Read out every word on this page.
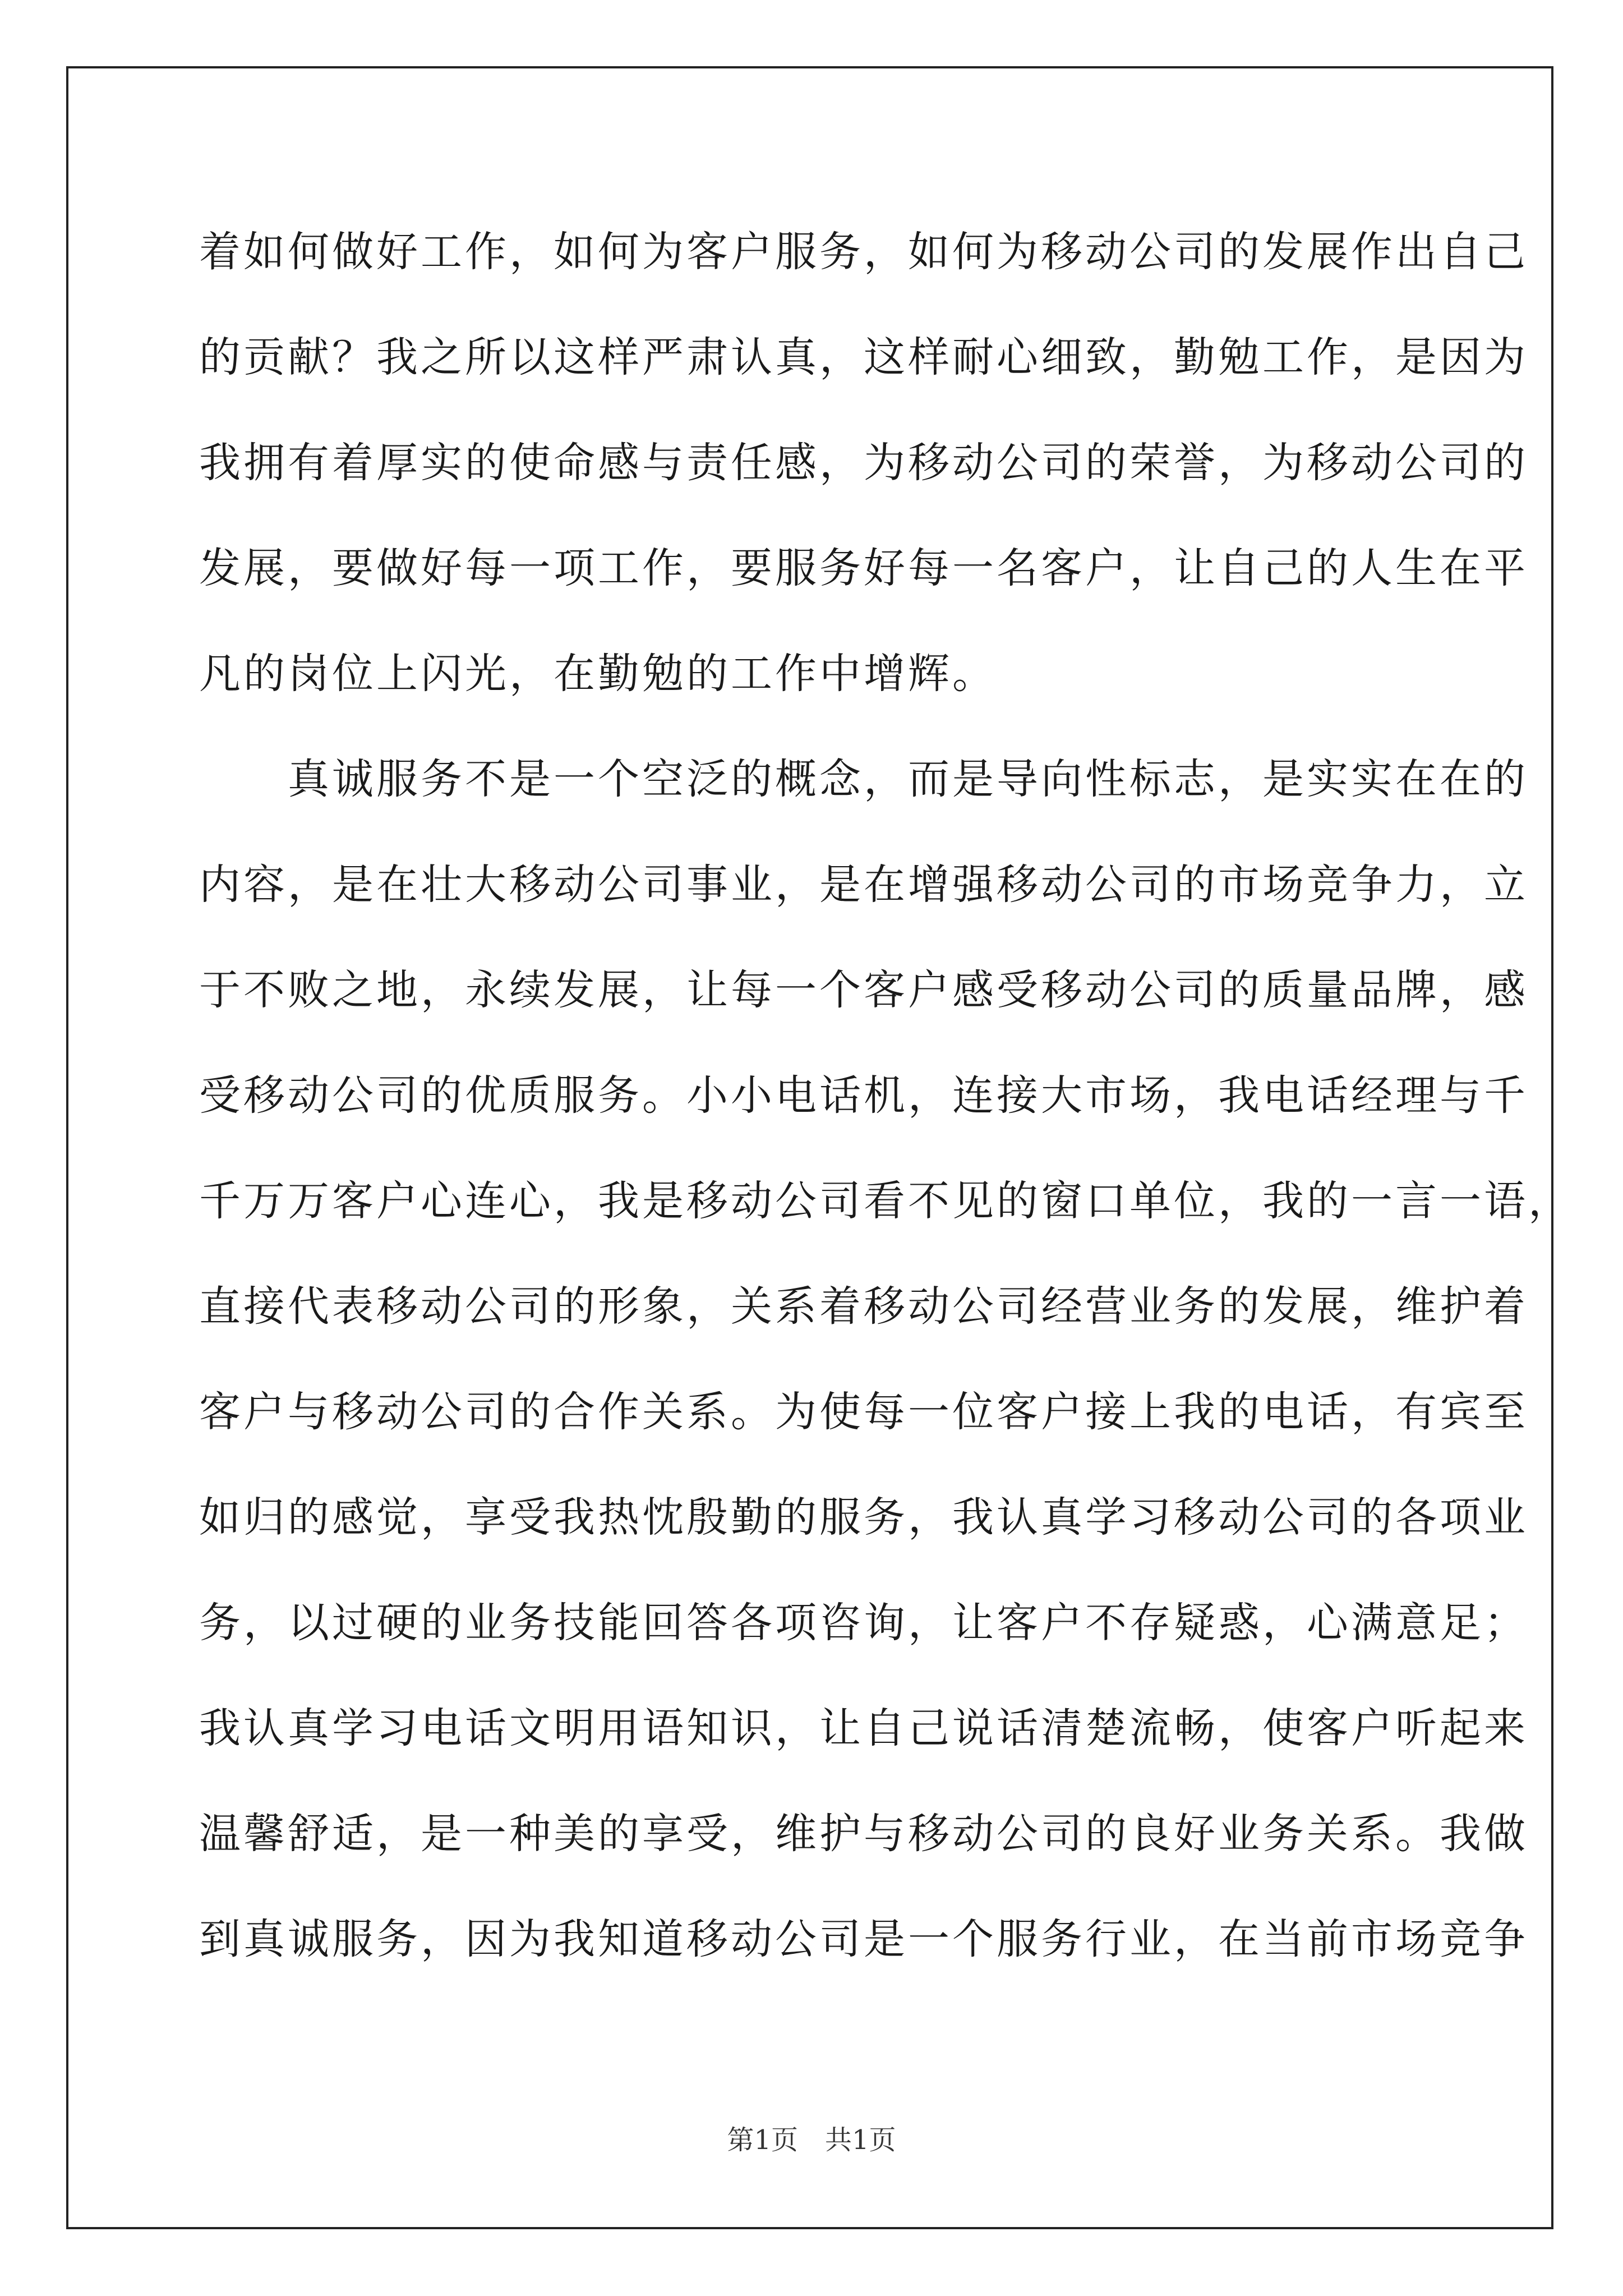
着如何做好工作，如何为客户服务，如何为移动公司的发展作出自己
的贡献？我之所以这样严肃认真，这样耐心细致，勤勉工作，是因为
我拥有着厚实的使命感与责任感，为移动公司的荣誉，为移动公司的
发展，要做好每一项工作，要服务好每一名客户，让自己的人生在平
凡的岗位上闪光，在勤勉的工作中增辉。
　　真诚服务不是一个空泛的概念，而是导向性标志，是实实在在的
内容，是在壮大移动公司事业，是在增强移动公司的市场竞争力，立
于不败之地，永续发展，让每一个客户感受移动公司的质量品牌，感
受移动公司的优质服务。小小电话机，连接大市场，我电话经理与千
千万万客户心连心，我是移动公司看不见的窗口单位，我的一言一语，
直接代表移动公司的形象，关系着移动公司经营业务的发展，维护着
客户与移动公司的合作关系。为使每一位客户接上我的电话，有宾至
如归的感觉，享受我热忱殷勤的服务，我认真学习移动公司的各项业
务，以过硬的业务技能回答各项咨询，让客户不存疑惑，心满意足；
我认真学习电话文明用语知识，让自己说话清楚流畅，使客户听起来
温馨舒适，是一种美的享受，维护与移动公司的良好业务关系。我做
到真诚服务，因为我知道移动公司是一个服务行业，在当前市场竞争
第1页 共1页
